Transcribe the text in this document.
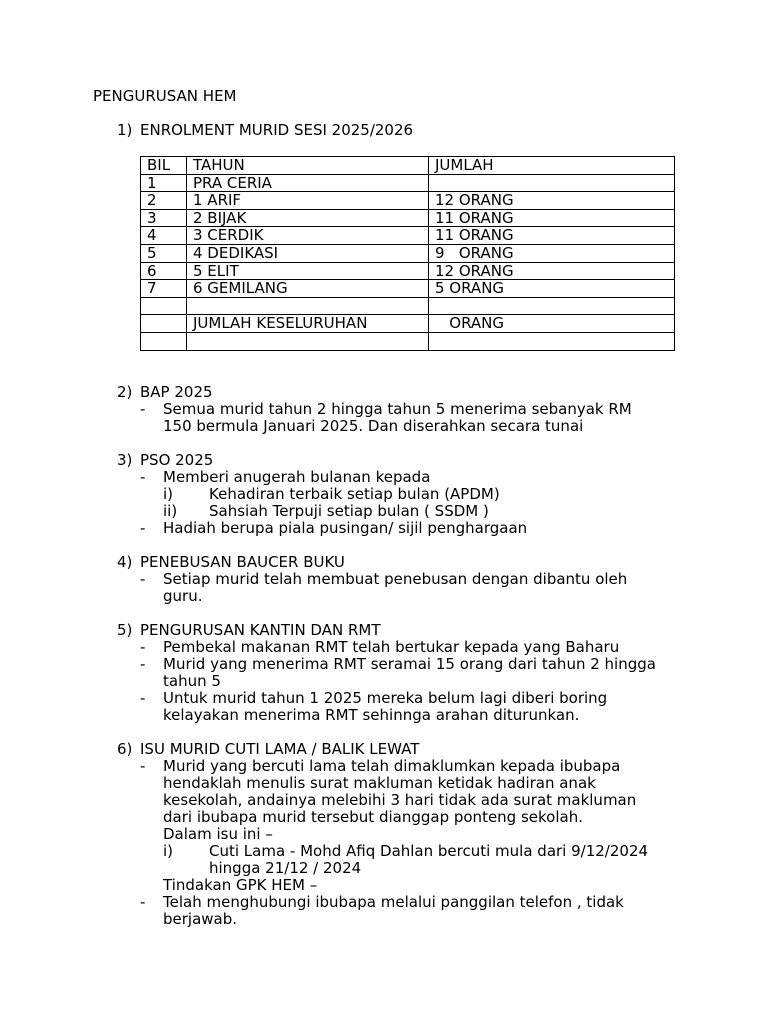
PENGURUSAN HEM
1) ENROLMENT MURID SESI 2025/2026
BIL	TAHUN	JUMLAH
1	PRA CERIA	
2	1 ARIF	12 ORANG
3	2 BIJAK	11 ORANG
4	3 CERDIK	11 ORANG
5	4 DEDIKASI	9   ORANG
6	5 ELIT	12 ORANG
7	6 GEMILANG	5 ORANG

	JUMLAH KESELURUHAN	ORANG

2) BAP 2025
- Semua murid tahun 2 hingga tahun 5 menerima sebanyak RM
150 bermula Januari 2025. Dan diserahkan secara tunai
3) PSO 2025
- Memberi anugerah bulanan kepada
i) Kehadiran terbaik setiap bulan (APDM)
ii) Sahsiah Terpuji setiap bulan ( SSDM )
- Hadiah berupa piala pusingan/ sijil penghargaan
4) PENEBUSAN BAUCER BUKU
- Setiap murid telah membuat penebusan dengan dibantu oleh
guru.
5) PENGURUSAN KANTIN DAN RMT
- Pembekal makanan RMT telah bertukar kepada yang Baharu
- Murid yang menerima RMT seramai 15 orang dari tahun 2 hingga
tahun 5
- Untuk murid tahun 1 2025 mereka belum lagi diberi boring
kelayakan menerima RMT sehinnga arahan diturunkan.
6) ISU MURID CUTI LAMA / BALIK LEWAT
- Murid yang bercuti lama telah dimaklumkan kepada ibubapa
hendaklah menulis surat makluman ketidak hadiran anak
kesekolah, andainya melebihi 3 hari tidak ada surat makluman
dari ibubapa murid tersebut dianggap ponteng sekolah.
Dalam isu ini –
i) Cuti Lama - Mohd Afiq Dahlan bercuti mula dari 9/12/2024
hingga 21/12 / 2024
Tindakan GPK HEM –
- Telah menghubungi ibubapa melalui panggilan telefon , tidak
berjawab.
